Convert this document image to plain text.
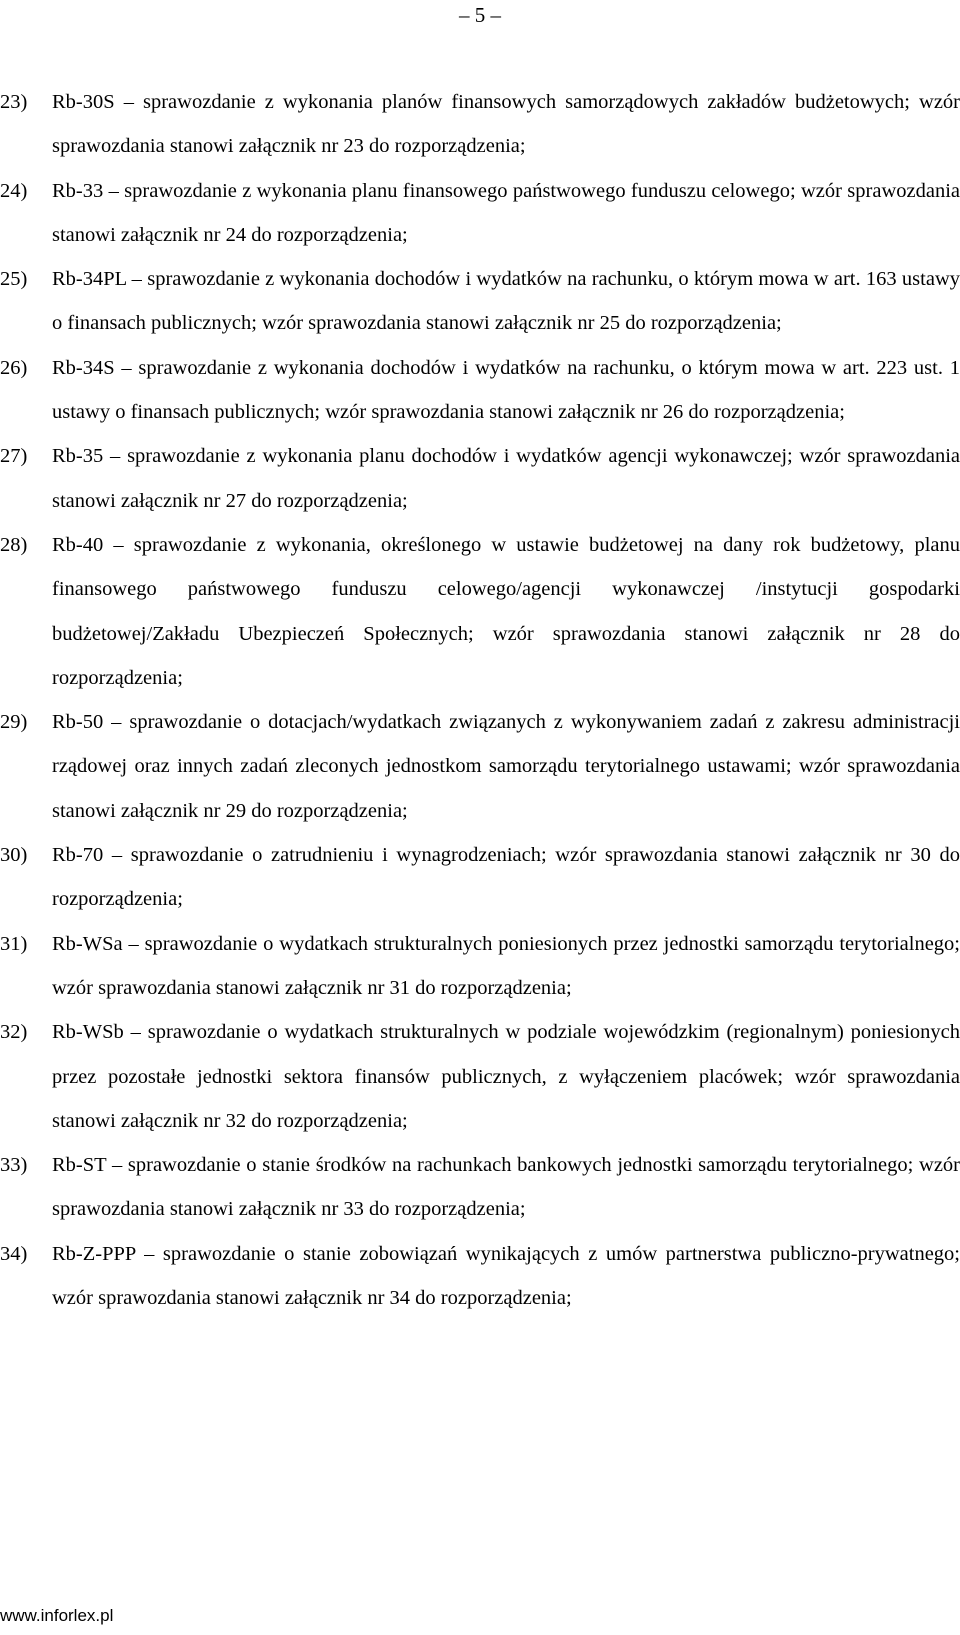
– 5 –
23)	Rb-30S – sprawozdanie z wykonania planów finansowych samorządowych zakładów budżetowych; wzór sprawozdania stanowi załącznik nr 23 do rozporządzenia;
24)	Rb-33 – sprawozdanie z wykonania planu finansowego państwowego funduszu celowego; wzór sprawozdania stanowi załącznik nr 24 do rozporządzenia;
25)	Rb-34PL – sprawozdanie z wykonania dochodów i wydatków na rachunku, o którym mowa w art. 163 ustawy o finansach publicznych; wzór sprawozdania stanowi załącznik nr 25 do rozporządzenia;
26)	Rb-34S – sprawozdanie z wykonania dochodów i wydatków na rachunku, o którym mowa w art. 223 ust. 1 ustawy o finansach publicznych; wzór sprawozdania stanowi załącznik nr 26 do rozporządzenia;
27)	Rb-35 – sprawozdanie z wykonania planu dochodów i wydatków agencji wykonawczej; wzór sprawozdania stanowi załącznik nr 27 do rozporządzenia;
28)	Rb-40 – sprawozdanie z wykonania, określonego w ustawie budżetowej na dany rok budżetowy, planu finansowego państwowego funduszu celowego/agencji wykonawczej /instytucji gospodarki budżetowej/Zakładu Ubezpieczeń Społecznych; wzór sprawozdania stanowi załącznik nr 28 do rozporządzenia;
29)	Rb-50 – sprawozdanie o dotacjach/wydatkach związanych z wykonywaniem zadań z zakresu administracji rządowej oraz innych zadań zleconych jednostkom samorządu terytorialnego ustawami; wzór sprawozdania stanowi załącznik nr 29 do rozporządzenia;
30)	Rb-70 – sprawozdanie o zatrudnieniu i wynagrodzeniach; wzór sprawozdania stanowi załącznik nr 30 do rozporządzenia;
31)	Rb-WSa – sprawozdanie o wydatkach strukturalnych poniesionych przez jednostki samorządu terytorialnego; wzór sprawozdania stanowi załącznik nr 31 do rozporządzenia;
32)	Rb-WSb – sprawozdanie o wydatkach strukturalnych w podziale wojewódzkim (regionalnym) poniesionych przez pozostałe jednostki sektora finansów publicznych, z wyłączeniem placówek; wzór sprawozdania stanowi załącznik nr 32 do rozporządzenia;
33)	Rb-ST – sprawozdanie o stanie środków na rachunkach bankowych jednostki samorządu terytorialnego; wzór sprawozdania stanowi załącznik nr 33 do rozporządzenia;
34)	Rb-Z-PPP – sprawozdanie o stanie zobowiązań wynikających z umów partnerstwa publiczno-prywatnego; wzór sprawozdania stanowi załącznik nr 34 do rozporządzenia;
www.inforlex.pl
